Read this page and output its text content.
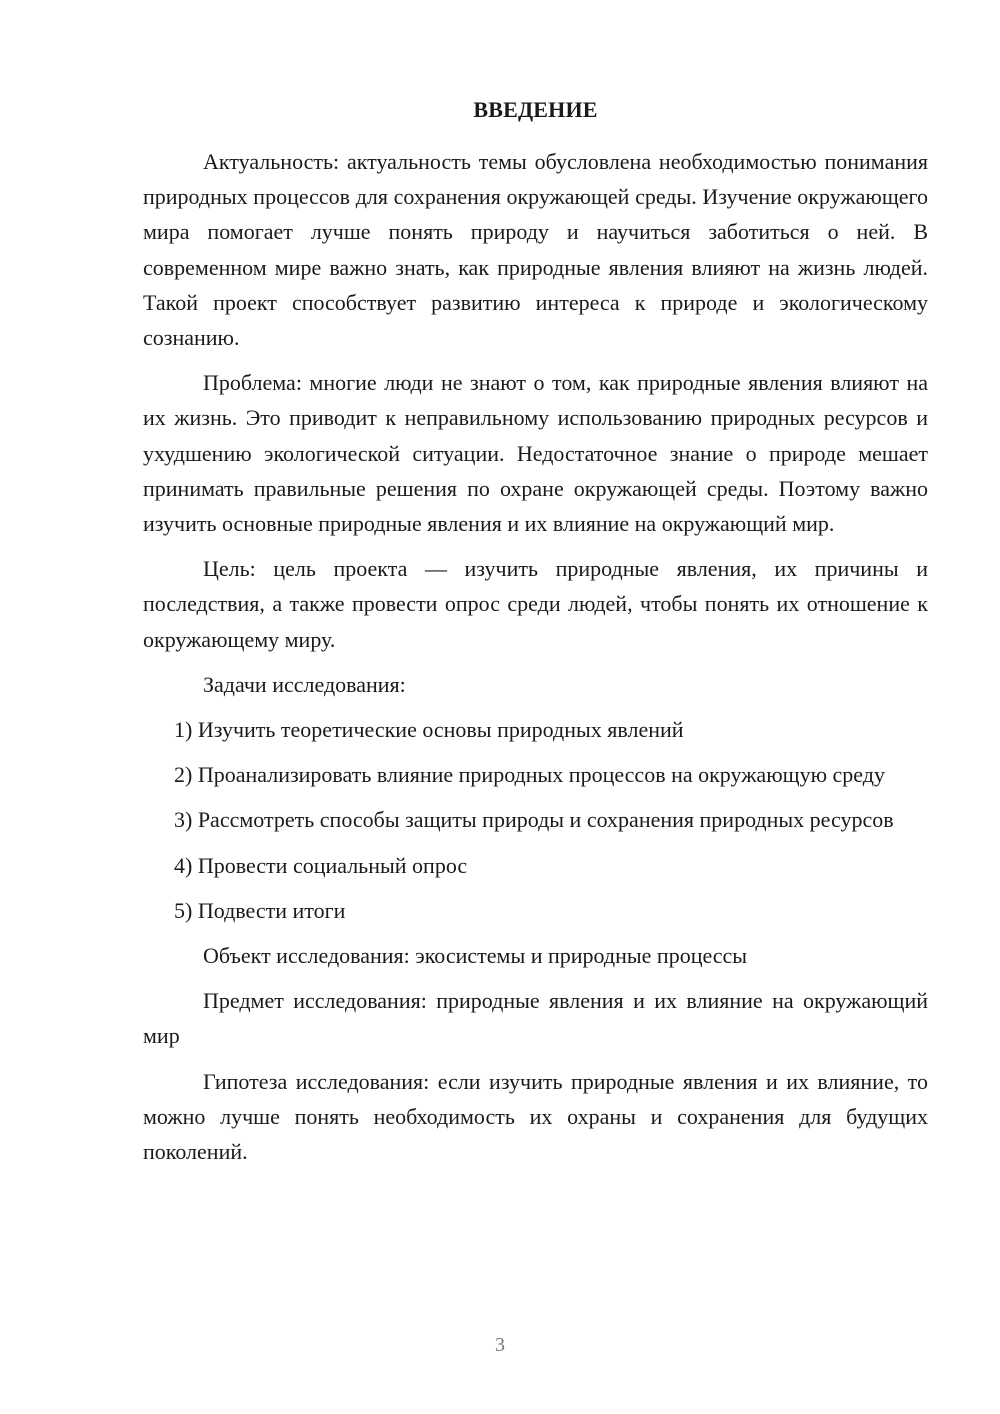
ВВЕДЕНИЕ

Актуальность: актуальность темы обусловлена необходимостью понимания природных процессов для сохранения окружающей среды. Изучение окружающего мира помогает лучше понять природу и научиться заботиться о ней. В современном мире важно знать, как природные явления влияют на жизнь людей. Такой проект способствует развитию интереса к природе и экологическому сознанию.

Проблема: многие люди не знают о том, как природные явления влияют на их жизнь. Это приводит к неправильному использованию природных ресурсов и ухудшению экологической ситуации. Недостаточное знание о природе мешает принимать правильные решения по охране окружающей среды. Поэтому важно изучить основные природные явления и их влияние на окружающий мир.

Цель: цель проекта — изучить природные явления, их причины и последствия, а также провести опрос среди людей, чтобы понять их отношение к окружающему миру.

Задачи исследования:

1) Изучить теоретические основы природных явлений

2) Проанализировать влияние природных процессов на окружающую среду

3) Рассмотреть способы защиты природы и сохранения природных ресурсов

4) Провести социальный опрос

5) Подвести итоги

Объект исследования: экосистемы и природные процессы

Предмет исследования: природные явления и их влияние на окружающий мир

Гипотеза исследования: если изучить природные явления и их влияние, то можно лучше понять необходимость их охраны и сохранения для будущих поколений.

3
